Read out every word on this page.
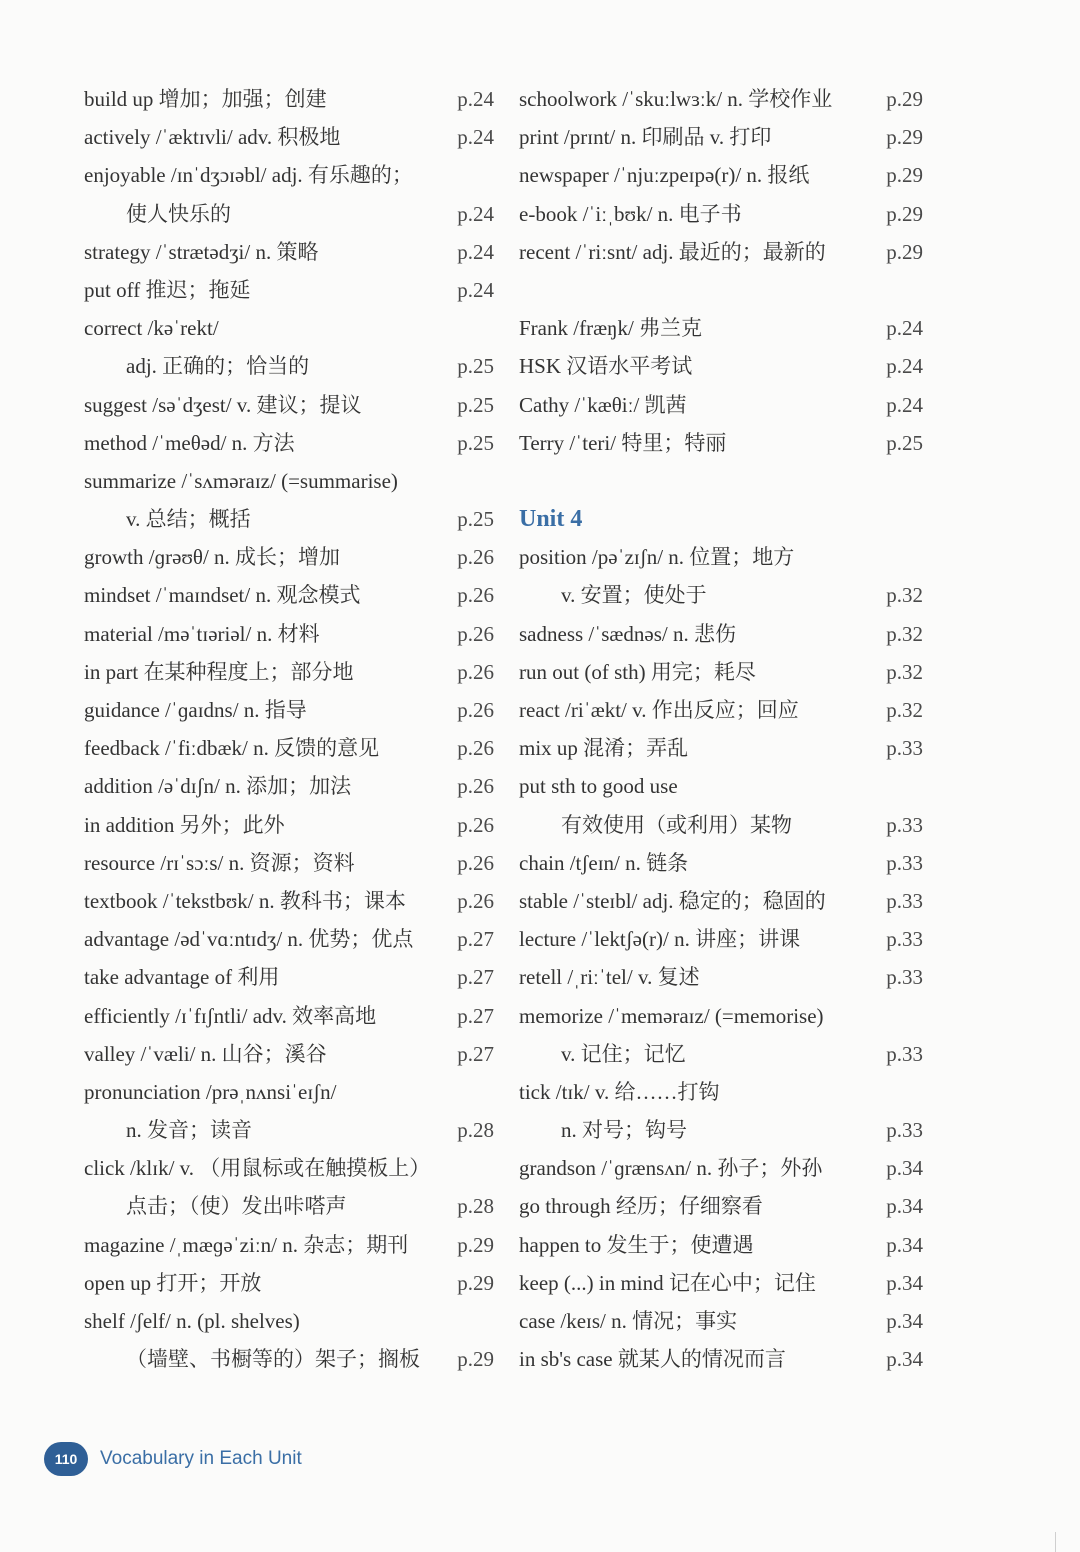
build up 增加；加强；创建	p.24
actively /ˈæktɪvli/ adv. 积极地	p.24
enjoyable /ɪnˈdʒɔɪəbl/ adj. 有乐趣的；
使人快乐的	p.24
strategy /ˈstrætədʒi/ n. 策略	p.24
put off 推迟；拖延	p.24
correct /kəˈrekt/
adj. 正确的；恰当的	p.25
suggest /səˈdʒest/ v. 建议；提议	p.25
method /ˈmeθəd/ n. 方法	p.25
summarize /ˈsʌməraɪz/ (=summarise)
v. 总结；概括	p.25
growth /ɡrəʊθ/ n. 成长；增加	p.26
mindset /ˈmaɪndset/ n. 观念模式	p.26
material /məˈtɪəriəl/ n. 材料	p.26
in part 在某种程度上；部分地	p.26
guidance /ˈɡaɪdns/ n. 指导	p.26
feedback /ˈfiːdbæk/ n. 反馈的意见	p.26
addition /əˈdɪʃn/ n. 添加；加法	p.26
in addition 另外；此外	p.26
resource /rɪˈsɔːs/ n. 资源；资料	p.26
textbook /ˈtekstbʊk/ n. 教科书；课本 p.26
advantage /ədˈvɑːntɪdʒ/ n. 优势；优点 p.27
take advantage of 利用	p.27
efficiently /ɪˈfɪʃntli/ adv. 效率高地	p.27
valley /ˈvæli/ n. 山谷；溪谷	p.27
pronunciation /prəˌnʌnsiˈeɪʃn/
n. 发音；读音	p.28
click /klɪk/ v. （用鼠标或在触摸板上）
点击；（使）发出咔嗒声	p.28
magazine /ˌmæɡəˈziːn/ n. 杂志；期刊 p.29
open up 打开；开放	p.29
shelf /ʃelf/ n. (pl. shelves)
（墙壁、书橱等的）架子；搁板 p.29
schoolwork /ˈskuːlwɜːk/ n. 学校作业	p.29
print /prɪnt/ n. 印刷品 v. 打印	p.29
newspaper /ˈnjuːzpeɪpə(r)/ n. 报纸	p.29
e-book /ˈiːˌbʊk/ n. 电子书	p.29
recent /ˈriːsnt/ adj. 最近的；最新的	p.29
Frank /fræŋk/ 弗兰克	p.24
HSK 汉语水平考试	p.24
Cathy /ˈkæθiː/ 凯茜	p.24
Terry /ˈteri/ 特里；特丽	p.25
Unit 4
position /pəˈzɪʃn/ n. 位置；地方
v. 安置；使处于	p.32
sadness /ˈsædnəs/ n. 悲伤	p.32
run out (of sth) 用完；耗尽	p.32
react /riˈækt/ v. 作出反应；回应	p.32
mix up 混淆；弄乱	p.33
put sth to good use
有效使用（或利用）某物	p.33
chain /tʃeɪn/ n. 链条	p.33
stable /ˈsteɪbl/ adj. 稳定的；稳固的	p.33
lecture /ˈlektʃə(r)/ n. 讲座；讲课	p.33
retell /ˌriːˈtel/ v. 复述	p.33
memorize /ˈmeməraɪz/ (=memorise)
v. 记住；记忆	p.33
tick /tɪk/ v. 给……打钩
n. 对号；钩号	p.33
grandson /ˈɡrænsʌn/ n. 孙子；外孙	p.34
go through 经历；仔细察看	p.34
happen to 发生于；使遭遇	p.34
keep (...) in mind 记在心中；记住	p.34
case /keɪs/ n. 情况；事实	p.34
in sb's case 就某人的情况而言	p.34
110	Vocabulary in Each Unit
